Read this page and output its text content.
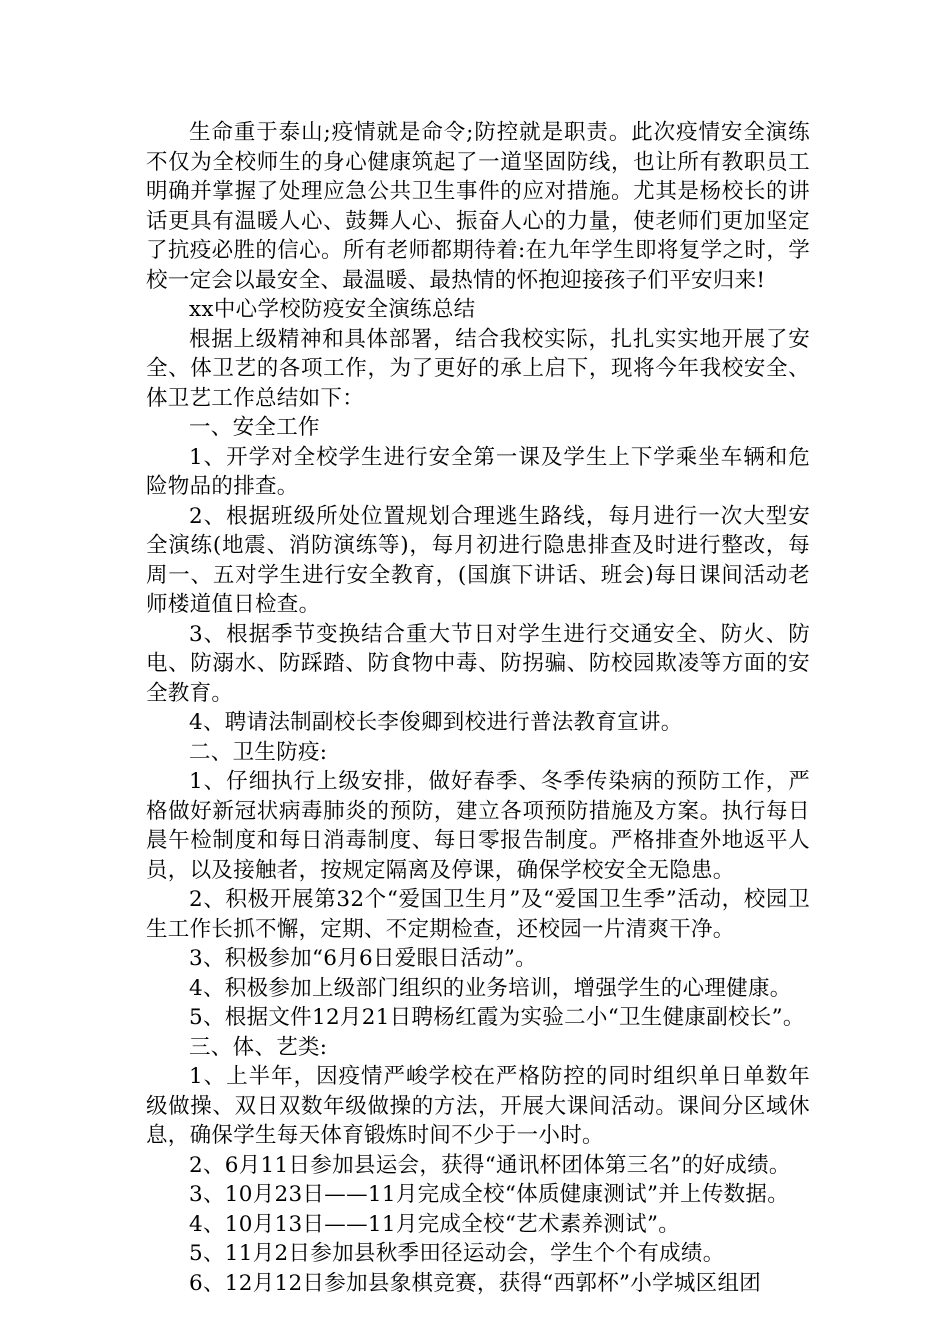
生命重于泰山;疫情就是命令;防控就是职责。此次疫情安全演练不仅为全校师生的身心健康筑起了一道坚固防线，也让所有教职员工明确并掌握了处理应急公共卫生事件的应对措施。尤其是杨校长的讲话更具有温暖人心、鼓舞人心、振奋人心的力量，使老师们更加坚定了抗疫必胜的信心。所有老师都期待着:在九年学生即将复学之时，学校一定会以最安全、最温暖、最热情的怀抱迎接孩子们平安归来!

xx中心学校防疫安全演练总结

根据上级精神和具体部署，结合我校实际，扎扎实实地开展了安全、体卫艺的各项工作，为了更好的承上启下，现将今年我校安全、体卫艺工作总结如下：

一、安全工作

1、开学对全校学生进行安全第一课及学生上下学乘坐车辆和危险物品的排查。

2、根据班级所处位置规划合理逃生路线，每月进行一次大型安全演练(地震、消防演练等)，每月初进行隐患排查及时进行整改，每周一、五对学生进行安全教育，(国旗下讲话、班会)每日课间活动老师楼道值日检查。

3、根据季节变换结合重大节日对学生进行交通安全、防火、防电、防溺水、防踩踏、防食物中毒、防拐骗、防校园欺凌等方面的安全教育。

4、聘请法制副校长李俊卿到校进行普法教育宣讲。

二、卫生防疫:

1、仔细执行上级安排，做好春季、冬季传染病的预防工作，严格做好新冠状病毒肺炎的预防，建立各项预防措施及方案。执行每日晨午检制度和每日消毒制度、每日零报告制度。严格排查外地返平人员，以及接触者，按规定隔离及停课，确保学校安全无隐患。

2、积极开展第32个“爱国卫生月”及“爱国卫生季”活动，校园卫生工作长抓不懈，定期、不定期检查，还校园一片清爽干净。

3、积极参加“6月6日爱眼日活动”。

4、积极参加上级部门组织的业务培训，增强学生的心理健康。

5、根据文件12月21日聘杨红霞为实验二小“卫生健康副校长”。

三、体、艺类:

1、上半年，因疫情严峻学校在严格防控的同时组织单日单数年级做操、双日双数年级做操的方法，开展大课间活动。课间分区域休息，确保学生每天体育锻炼时间不少于一小时。

2、6月11日参加县运会，获得“通讯杯团体第三名”的好成绩。

3、10月23日——11月完成全校“体质健康测试”并上传数据。

4、10月13日——11月完成全校“艺术素养测试”。

5、11月2日参加县秋季田径运动会，学生个个有成绩。

6、12月12日参加县象棋竞赛，获得“西郭杯”小学城区组团
